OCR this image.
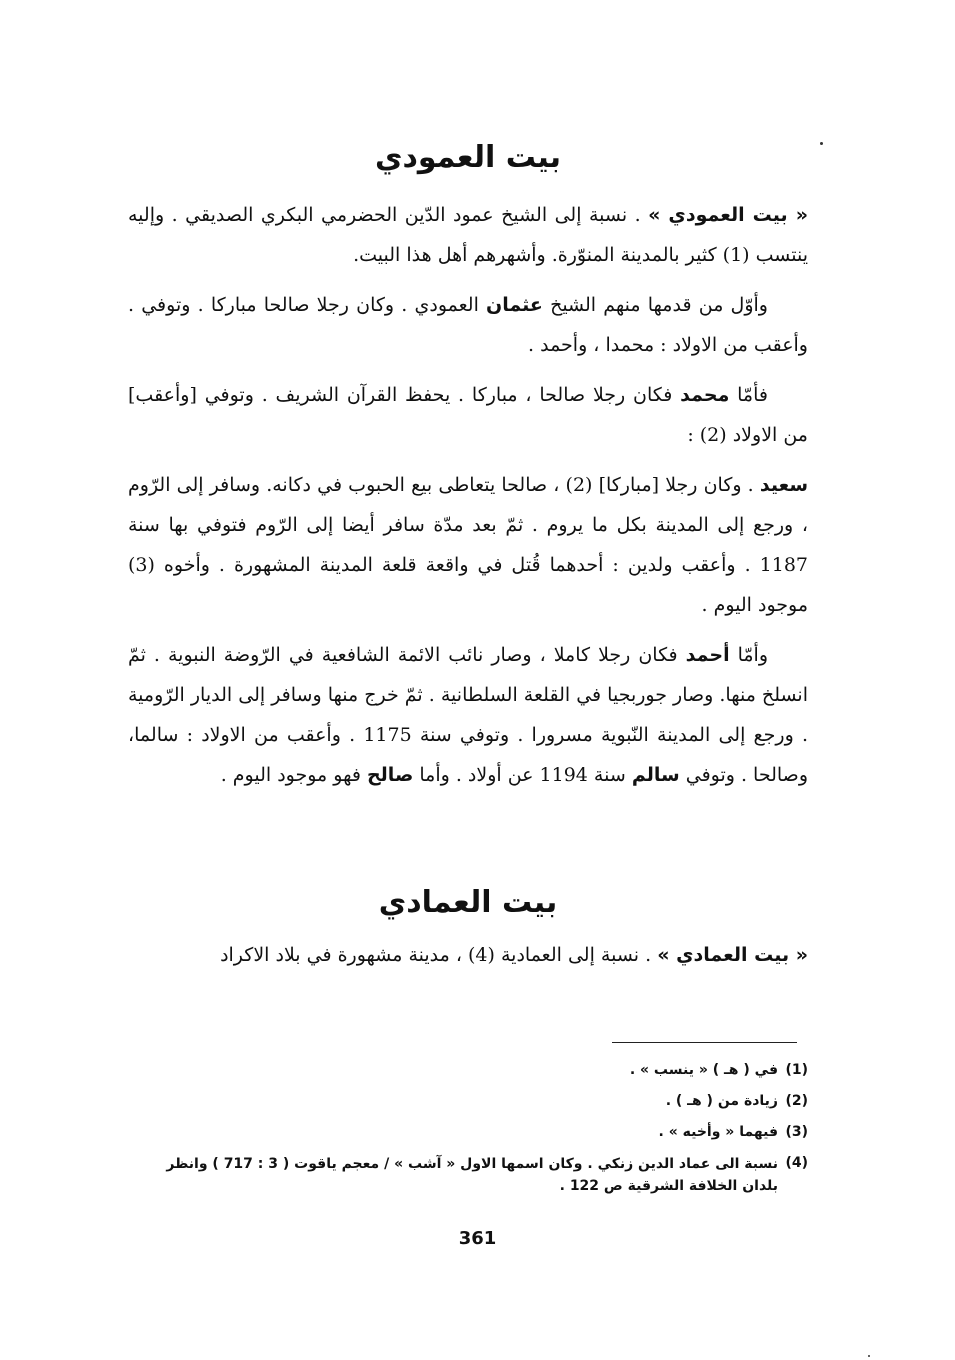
بيت العمودي

« بيت العمودي » . نسبة إلى الشيخ عمود الدّين الحضرمي البكري الصديقي . وإليه ينتسب (1) كثير بالمدينة المنوّرة. وأشهرهم أهل هذا البيت.

وأوّل من قدمها منهم الشيخ عثمان العمودي . وكان رجلا صالحا مباركا . وتوفي . وأعقب من الاولاد : محمدا ، وأحمد .

فأمّا محمد فكان رجلا صالحا ، مباركا . يحفظ القرآن الشريف . وتوفي [وأعقب] من الاولاد (2) :

سعيد . وكان رجلا [مباركا] (2) ، صالحا يتعاطى بيع الحبوب في دكانه. وسافر إلى الرّوم ، ورجع إلى المدينة بكل ما يروم . ثمّ بعد مدّة سافر أيضا إلى الرّوم فتوفي بها سنة 1187 . وأعقب ولدين : أحدهما قُتل في واقعة قلعة المدينة المشهورة . وأخوه (3) موجود اليوم .

وأمّا أحمد فكان رجلا كاملا ، وصار نائب الائمة الشافعية في الرّوضة النبوية . ثمّ انسلخ منها. وصار جوربجيا في القلعة السلطانية . ثمّ خرج منها وسافر إلى الديار الرّومية . ورجع إلى المدينة النّبوية مسرورا . وتوفي سنة 1175 . وأعقب من الاولاد : سالما، وصالحا . وتوفي سالم سنة 1194 عن أولاد . وأما صالح فهو موجود اليوم .

بيت العمادي

« بيت العمادي » . نسبة إلى العمادية (4) ، مدينة مشهورة في بلاد الاكراد

(1)
في ( هـ ) « ينسب » .
(2)
زيادة من ( هـ ) .
(3)
فيهما « وأخيه » .
(4)
نسبة الى عماد الدين زنكي . وكان اسمها الاول « آشب » / معجم ياقوت ( 3 : 717 ) وانظر بلدان الخلافة الشرقية ص 122 .
361
